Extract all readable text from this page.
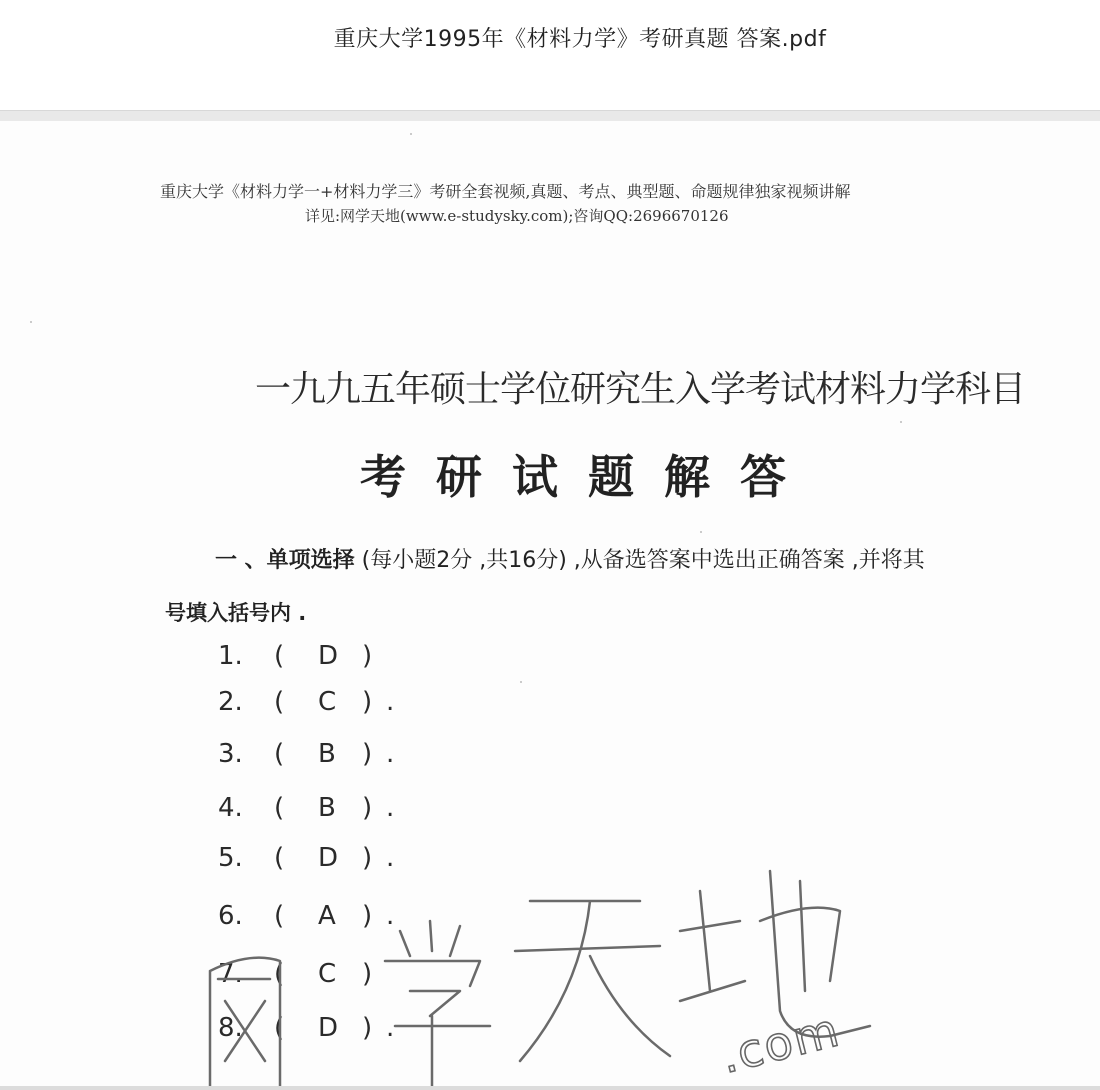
重庆大学1995年《材料力学》考研真题 答案.pdf
重庆大学《材料力学一+材料力学三》考研全套视频,真题、考点、典型题、命题规律独家视频讲解
详见:网学天地(www.e-studysky.com);咨询QQ:2696670126
一九九五年硕士学位研究生入学考试材料力学科目
考研试题解答
一 、单项选择 (每小题2分 ,共16分) ,从备选答案中选出正确答案 ,并将其
号填入括号内 .
1. ( D )
2. ( C ) .
3. ( B ) .
4. ( B ) .
5. ( D ) .
6. ( A ) .
7. ( C )
8. ( D ) .	.com
